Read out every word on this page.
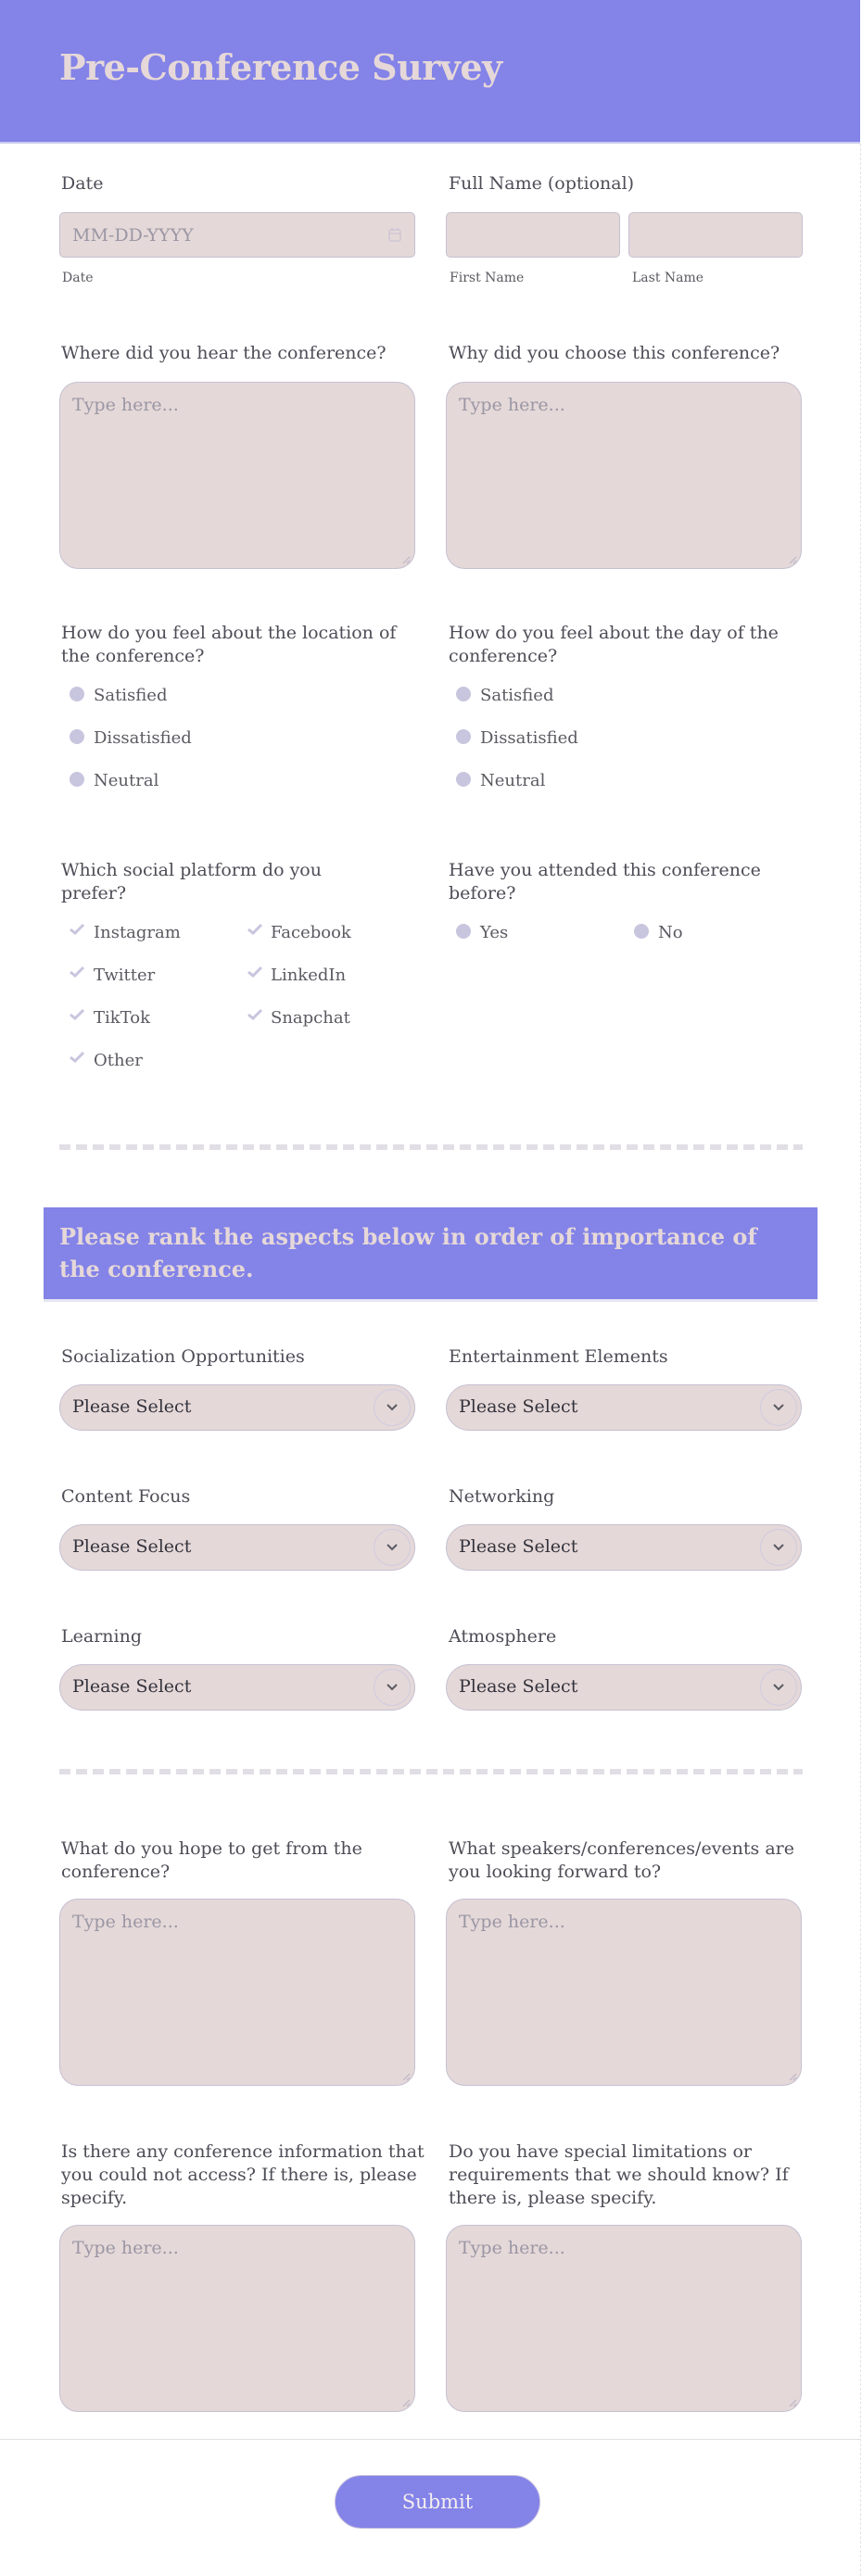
Pre-Conference Survey
Date
MM-DD-YYYY
Date
Full Name (optional)
First Name	Last Name
Where did you hear the conference?
Type here...
Why did you choose this conference?
Type here...
How do you feel about the location of the conference?
Satisfied
Dissatisfied
Neutral
How do you feel about the day of the conference?
Satisfied
Dissatisfied
Neutral
Which social platform do you prefer?
Instagram	Facebook
Twitter	LinkedIn
TikTok	Snapchat
Other
Have you attended this conference before?
Yes	No

Please rank the aspects below in order of importance of the conference.

Socialization Opportunities
Please Select
Entertainment Elements
Please Select
Content Focus
Please Select
Networking
Please Select
Learning
Please Select
Atmosphere
Please Select
What do you hope to get from the conference?
Type here...
What speakers/conferences/events are you looking forward to?
Type here...
Is there any conference information that you could not access? If there is, please specify.
Type here...
Do you have special limitations or requirements that we should know? If there is, please specify.
Type here...
Submit
